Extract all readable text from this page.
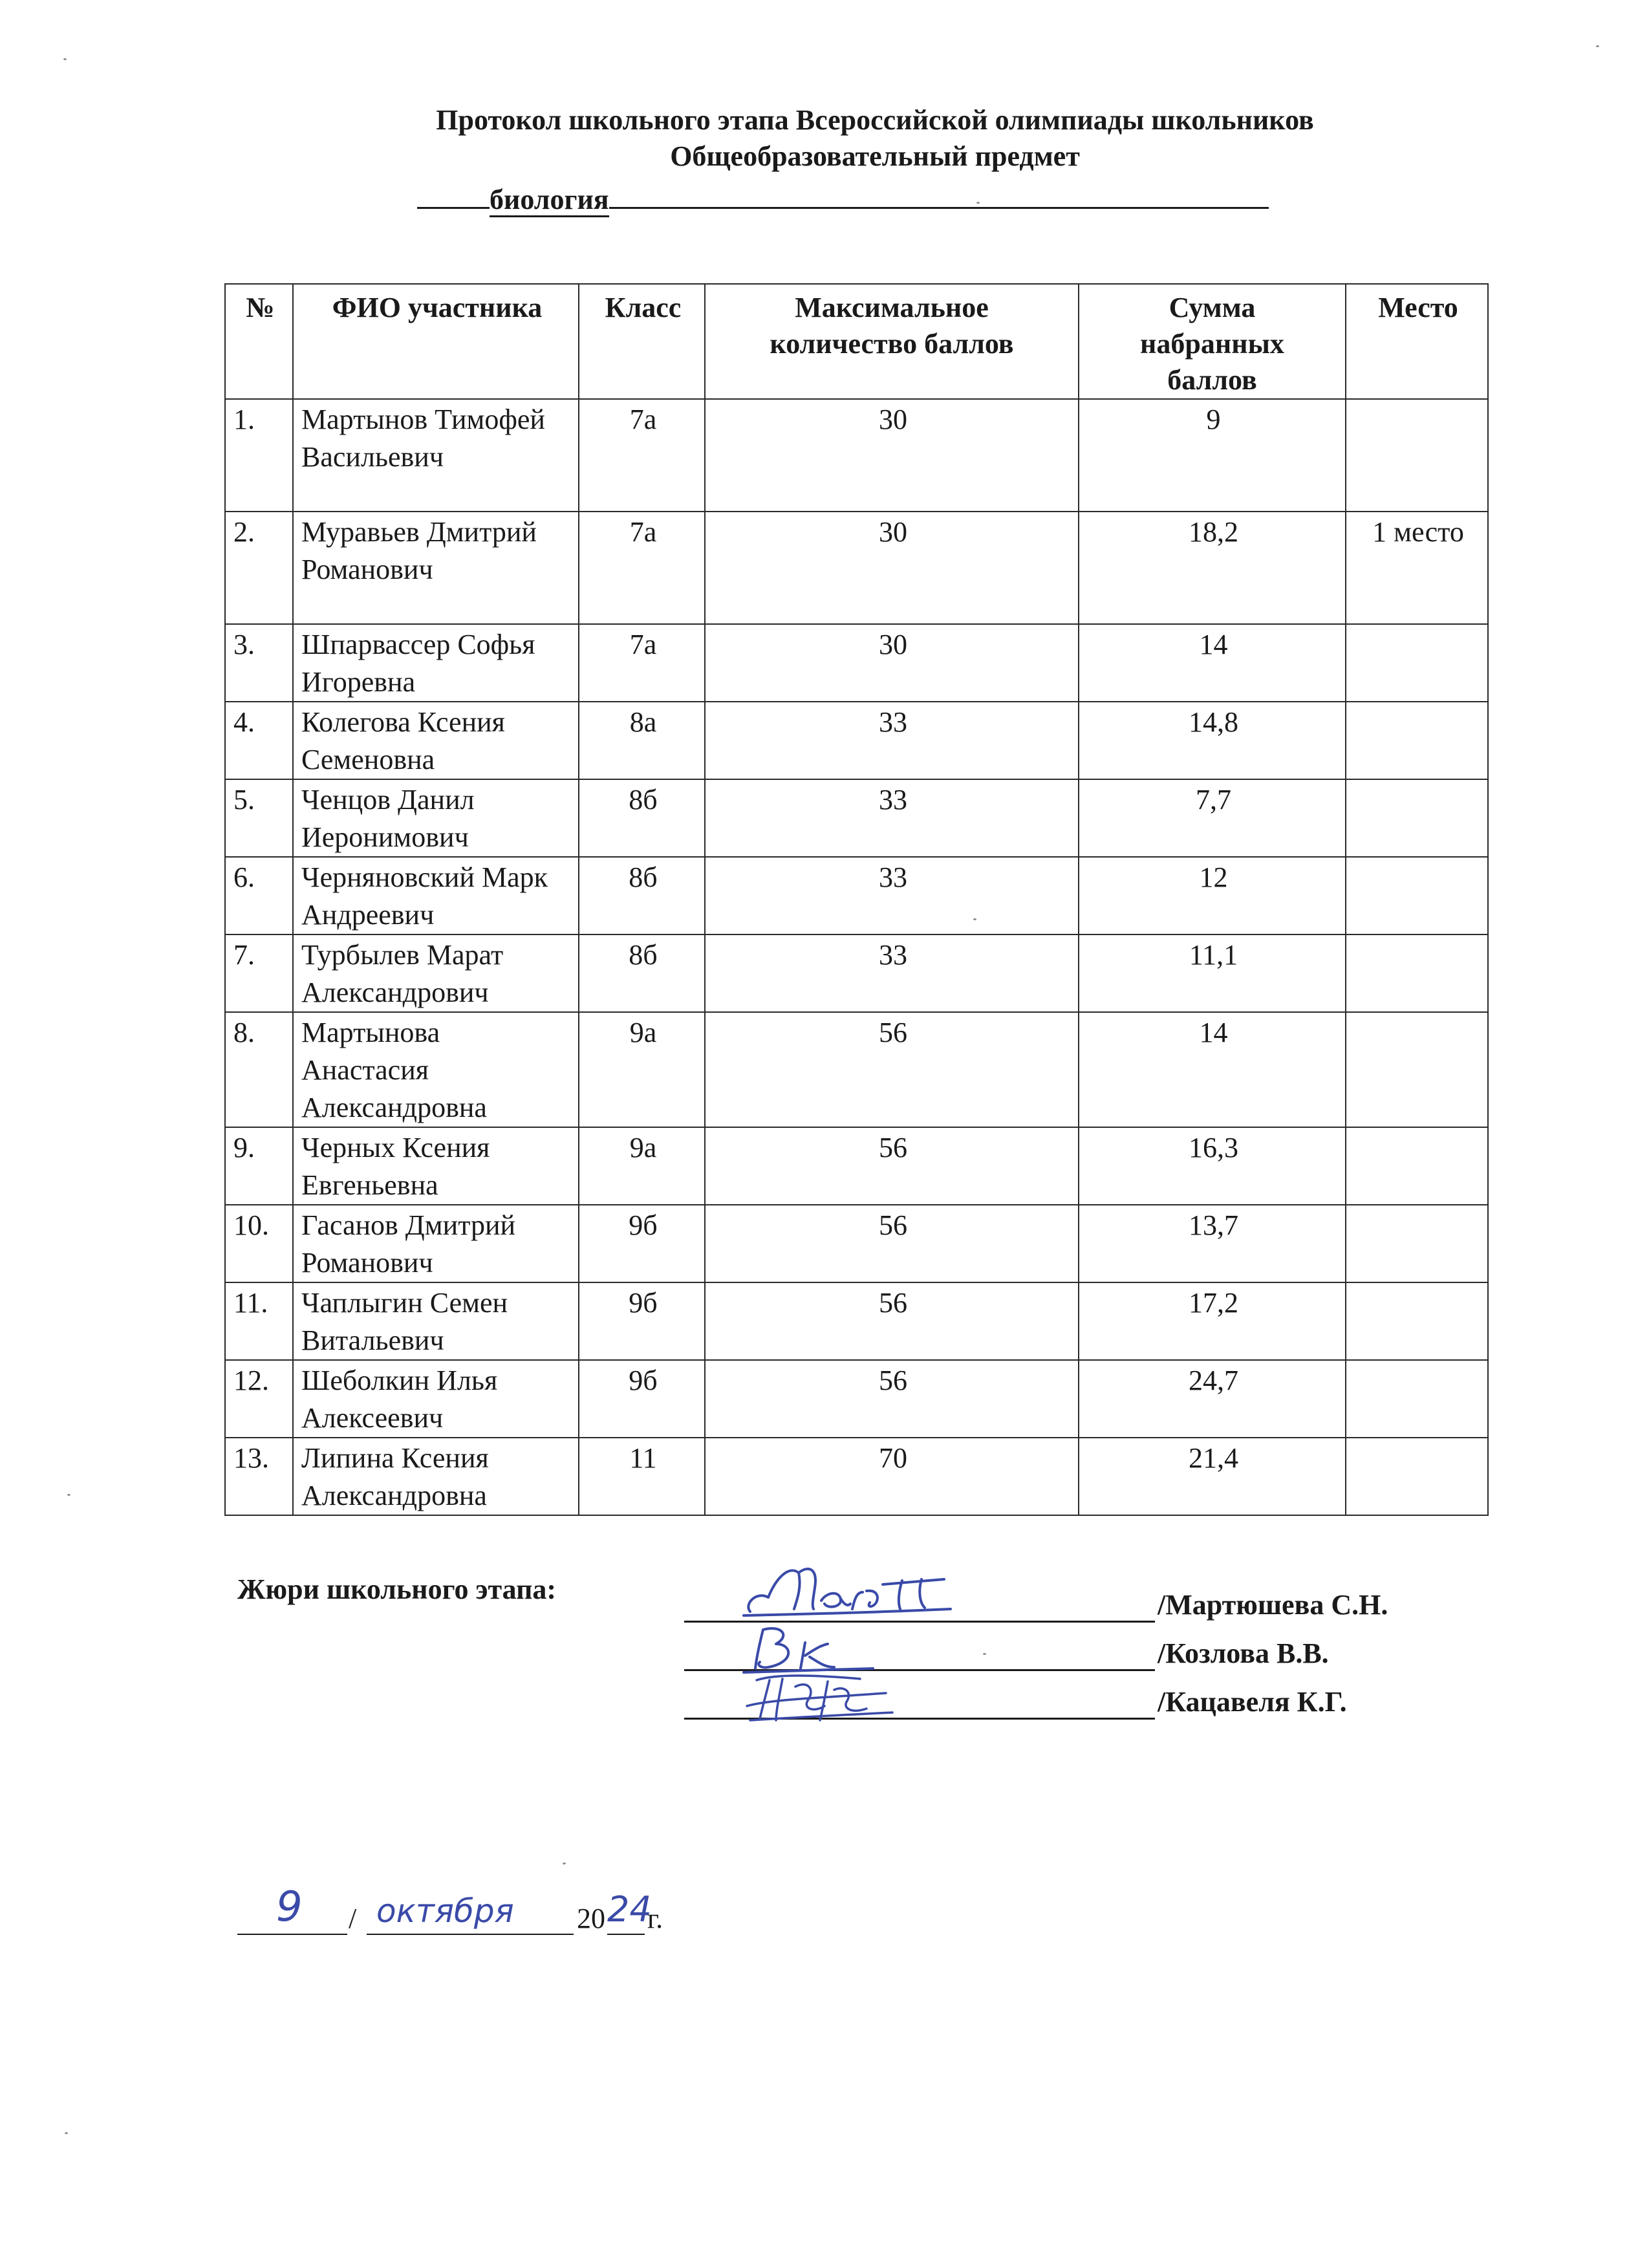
Протокол школьного этапа Всероссийской олимпиады школьников
Общеобразовательный предмет
биология
№	ФИО участника	Класс	Максимальное количество баллов	Сумма набранных баллов	Место
1.	Мартынов Тимофей Васильевич	7а	30	9	
2.	Муравьев Дмитрий Романович	7а	30	18,2	1 место
3.	Шпарвассер Софья Игоревна	7а	30	14	
4.	Колегова Ксения Семеновна	8а	33	14,8	
5.	Ченцов Данил Иеронимович	8б	33	7,7	
6.	Черняновский Марк Андреевич	8б	33	12	
7.	Турбылев Марат Александрович	8б	33	11,1	
8.	Мартынова Анастасия Александровна	9а	56	14	
9.	Черных Ксения Евгеньевна	9а	56	16,3	
10.	Гасанов Дмитрий Романович	9б	56	13,7	
11.	Чаплыгин Семен Витальевич	9б	56	17,2	
12.	Шеболкин Илья Алексеевич	9б	56	24,7	
13.	Липина Ксения Александровна	11	70	21,4	
Жюри школьного этапа:	/Мартюшева С.Н.
/Козлова В.В.
/Кацавеля К.Г.
9 / октября 20 24
г.
